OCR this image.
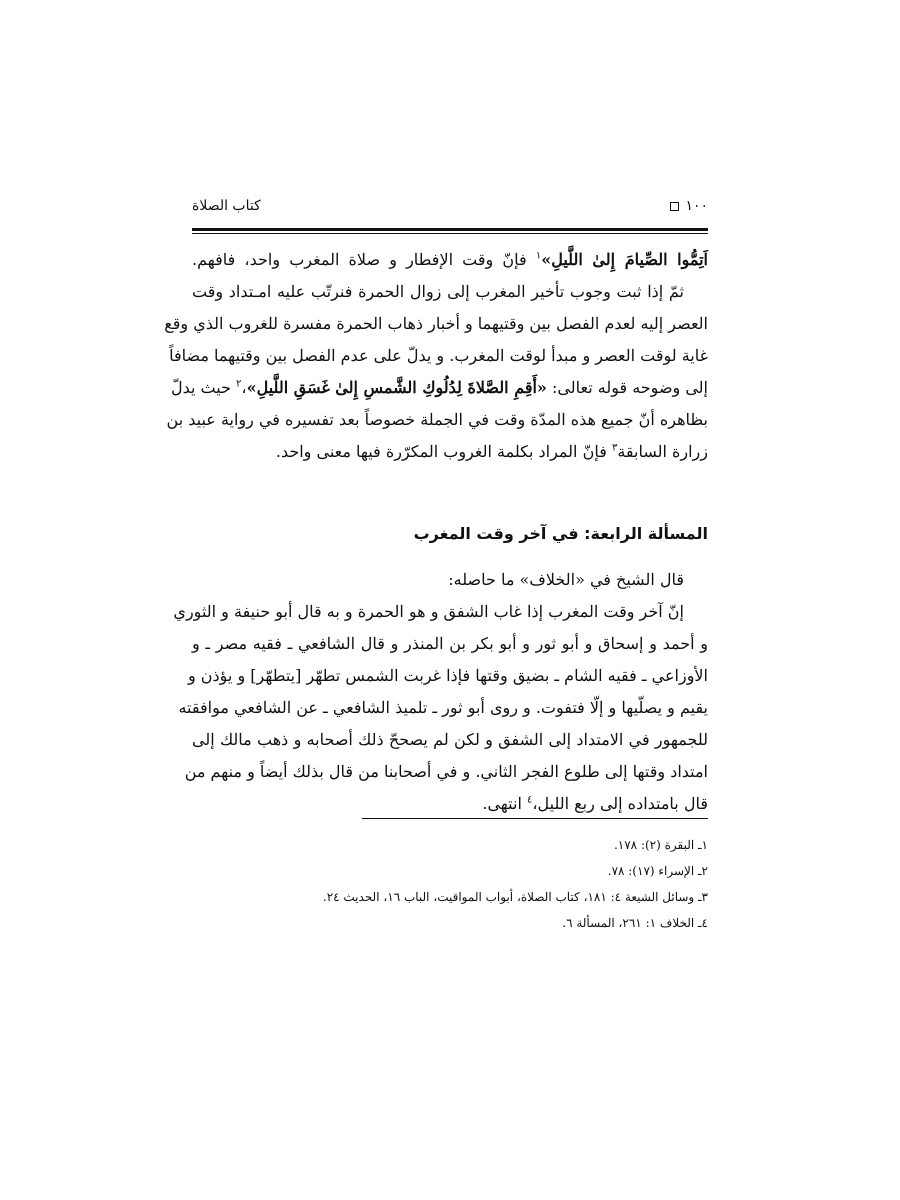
١٠٠
كتاب الصلاة
اَتِمُّوا الصِّيامَ إِلىٰ اللَّيلِ»$^١$ فإنّ وقت الإفطار و صلاة المغرب واحد، فافهم.
ثمّ إذا ثبت وجوب تأخير المغرب إلى زوال الحمرة فنرتّب عليه امـتداد وقت
العصر إليه لعدم الفصل بين وقتيهما و أخبار ذهاب الحمرة مفسرة للغروب الذي وقع
غاية لوقت العصر و مبدأ لوقت المغرب. و يدلّ على عدم الفصل بين وقتيهما مضافاً
إلى وضوحه قوله تعالى: «أَقِمِ الصَّلاةَ لِدُلُوكِ الشَّمسِ إِلىٰ غَسَقِ اللَّيلِ»،$^٢$ حيث يدلّ
بظاهره أنّ جميع هذه المدّة وقت في الجملة خصوصاً بعد تفسيره في رواية عبيد بن
زرارة السابقة$^٣$ فإنّ المراد بكلمة الغروب المكرّرة فيها معنى واحد.
المسألة الرابعة: في آخر وقت المغرب
قال الشيخ في «الخلاف» ما حاصله:
إنّ آخر وقت المغرب إذا غاب الشفق و هو الحمرة و به قال أبو حنيفة و الثوري
و أحمد و إسحاق و أبو ثور و أبو بكر بن المنذر و قال الشافعي ـ فقيه مصر ـ و
الأوزاعي ـ فقيه الشام ـ بضيق وقتها فإذا غربت الشمس تطهّر [يتطهّر] و يؤذن و
يقيم و يصلّيها و إلّا فتفوت. و روى أبو ثور ـ تلميذ الشافعي ـ عن الشافعي موافقته
للجمهور في الامتداد إلى الشفق و لكن لم يصححّ ذلك أصحابه و ذهب مالك إلى
امتداد وقتها إلى طلوع الفجر الثاني. و في أصحابنا من قال بذلك أيضاً و منهم من
قال بامتداده إلى ربع الليل،$^٤$ انتهى.
١ـ البقرة (٢): ١٧٨.
٢ـ الإسراء (١٧): ٧٨.
٣ـ وسائل الشيعة ٤: ١٨١، كتاب الصلاة، أبواب المواقيت، الباب ١٦، الحديث ٢٤.
٤ـ الخلاف ١: ٢٦١، المسألة ٦.
